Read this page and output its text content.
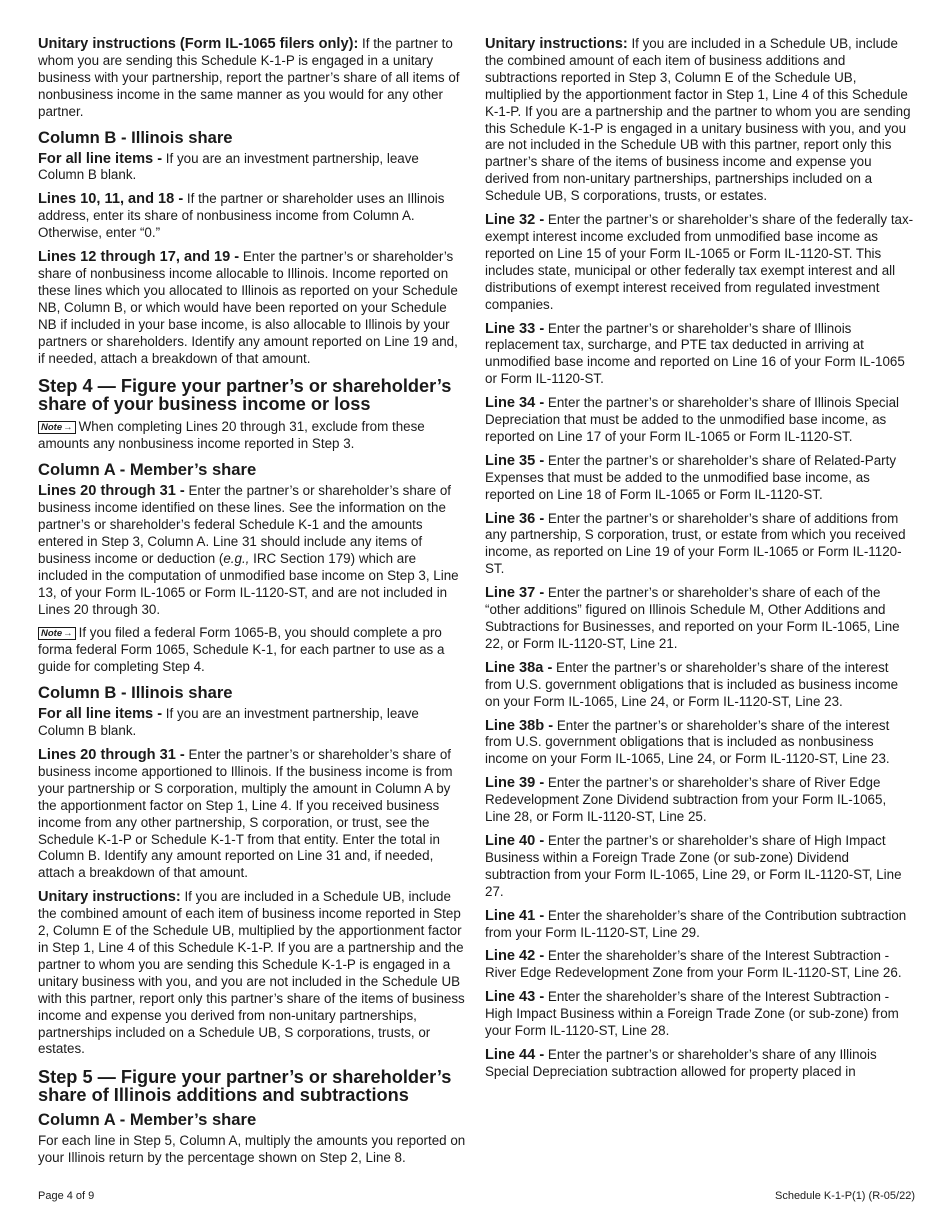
Unitary instructions (Form IL-1065 filers only): If the partner to whom you are sending this Schedule K-1-P is engaged in a unitary business with your partnership, report the partner’s share of all items of nonbusiness income in the same manner as you would for any other partner.

Column B - Illinois share

For all line items - If you are an investment partnership, leave Column B blank.

Lines 10, 11, and 18 - If the partner or shareholder uses an Illinois address, enter its share of nonbusiness income from Column A. Otherwise, enter “0.”

Lines 12 through 17, and 19 - Enter the partner’s or shareholder’s share of nonbusiness income allocable to Illinois. Income reported on these lines which you allocated to Illinois as reported on your Schedule NB, Column B, or which would have been reported on your Schedule NB if included in your base income, is also allocable to Illinois by your partners or shareholders. Identify any amount reported on Line 19 and, if needed, attach a breakdown of that amount.

Step 4 — Figure your partner’s or shareholder’s share of your business income or loss

Note → When completing Lines 20 through 31, exclude from these amounts any nonbusiness income reported in Step 3.

Column A - Member’s share

Lines 20 through 31 - Enter the partner’s or shareholder’s share of business income identified on these lines. See the information on the partner’s or shareholder’s federal Schedule K-1 and the amounts entered in Step 3, Column A. Line 31 should include any items of business income or deduction (e.g., IRC Section 179) which are included in the computation of unmodified base income on Step 3, Line 13, of your Form IL-1065 or Form IL-1120-ST, and are not included in Lines 20 through 30.

Note → If you filed a federal Form 1065-B, you should complete a pro forma federal Form 1065, Schedule K-1, for each partner to use as a guide for completing Step 4.

Column B - Illinois share

For all line items - If you are an investment partnership, leave Column B blank.

Lines 20 through 31 - Enter the partner’s or shareholder’s share of business income apportioned to Illinois. If the business income is from your partnership or S corporation, multiply the amount in Column A by the apportionment factor on Step 1, Line 4. If you received business income from any other partnership, S corporation, or trust, see the Schedule K-1-P or Schedule K-1-T from that entity. Enter the total in Column B. Identify any amount reported on Line 31 and, if needed, attach a breakdown of that amount.

Unitary instructions: If you are included in a Schedule UB, include the combined amount of each item of business income reported in Step 2, Column E of the Schedule UB, multiplied by the apportionment factor in Step 1, Line 4 of this Schedule K-1-P. If you are a partnership and the partner to whom you are sending this Schedule K-1-P is engaged in a unitary business with you, and you are not included in the Schedule UB with this partner, report only this partner’s share of the items of business income and expense you derived from non-unitary partnerships, partnerships included on a Schedule UB, S corporations, trusts, or estates.

Step 5 — Figure your partner’s or shareholder’s share of Illinois additions and subtractions
Column A - Member’s share

For each line in Step 5, Column A, multiply the amounts you reported on your Illinois return by the percentage shown on Step 2, Line 8.

Unitary instructions: If you are included in a Schedule UB, include the combined amount of each item of business additions and subtractions reported in Step 3, Column E of the Schedule UB, multiplied by the apportionment factor in Step 1, Line 4 of this Schedule K-1-P. If you are a partnership and the partner to whom you are sending this Schedule K-1-P is engaged in a unitary business with you, and you are not included in the Schedule UB with this partner, report only this partner’s share of the items of business income and expense you derived from non-unitary partnerships, partnerships included on a Schedule UB, S corporations, trusts, or estates.

Line 32 - Enter the partner’s or shareholder’s share of the federally tax-exempt interest income excluded from unmodified base income as reported on Line 15 of your Form IL-1065 or Form IL-1120-ST. This includes state, municipal or other federally tax exempt interest and all distributions of exempt interest received from regulated investment companies.

Line 33 - Enter the partner’s or shareholder’s share of Illinois replacement tax, surcharge, and PTE tax deducted in arriving at unmodified base income and reported on Line 16 of your Form IL-1065 or Form IL-1120-ST.

Line 34 - Enter the partner’s or shareholder’s share of Illinois Special Depreciation that must be added to the unmodified base income, as reported on Line 17 of your Form IL-1065 or Form IL-1120-ST.

Line 35 - Enter the partner’s or shareholder’s share of Related-Party Expenses that must be added to the unmodified base income, as reported on Line 18 of Form IL-1065 or Form IL-1120-ST.

Line 36 - Enter the partner’s or shareholder’s share of additions from any partnership, S corporation, trust, or estate from which you received income, as reported on Line 19 of your Form IL-1065 or Form IL-1120-ST.

Line 37 - Enter the partner’s or shareholder’s share of each of the “other additions” figured on Illinois Schedule M, Other Additions and Subtractions for Businesses, and reported on your Form IL-1065, Line 22, or Form IL-1120-ST, Line 21.

Line 38a - Enter the partner’s or shareholder’s share of the interest from U.S. government obligations that is included as business income on your Form IL-1065, Line 24, or Form IL-1120-ST, Line 23.

Line 38b - Enter the partner’s or shareholder’s share of the interest from U.S. government obligations that is included as nonbusiness income on your Form IL-1065, Line 24, or Form IL-1120-ST, Line 23.

Line 39 - Enter the partner’s or shareholder’s share of River Edge Redevelopment Zone Dividend subtraction from your Form IL-1065, Line 28, or Form IL-1120-ST, Line 25.

Line 40 - Enter the partner’s or shareholder’s share of High Impact Business within a Foreign Trade Zone (or sub-zone) Dividend subtraction from your Form IL-1065, Line 29, or Form IL-1120-ST, Line 27.

Line 41 - Enter the shareholder’s share of the Contribution subtraction from your Form IL-1120-ST, Line 29.

Line 42 - Enter the shareholder’s share of the Interest Subtraction - River Edge Redevelopment Zone from your Form IL-1120-ST, Line 26.

Line 43 - Enter the shareholder’s share of the Interest Subtraction - High Impact Business within a Foreign Trade Zone (or sub-zone) from your Form IL-1120-ST, Line 28.

Line 44 - Enter the partner’s or shareholder’s share of any Illinois Special Depreciation subtraction allowed for property placed in

Page 4 of 9	Schedule K-1-P(1) (R-05/22)
